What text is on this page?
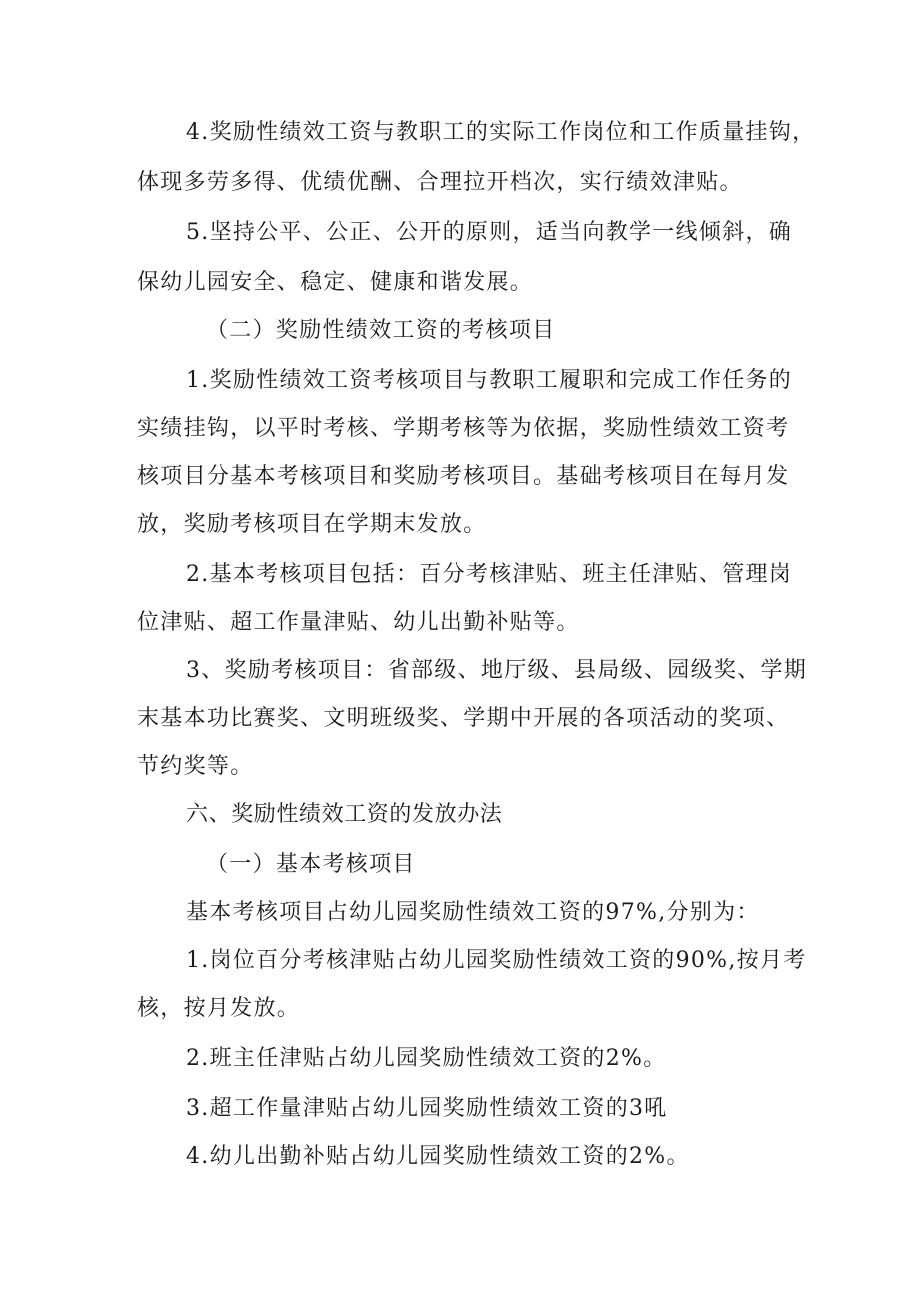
4.奖励性绩效工资与教职工的实际工作岗位和工作质量挂钩，
体现多劳多得、优绩优酬、合理拉开档次，实行绩效津贴。
5.坚持公平、公正、公开的原则，适当向教学一线倾斜，确
保幼儿园安全、稳定、健康和谐发展。
（二）奖励性绩效工资的考核项目
1.奖励性绩效工资考核项目与教职工履职和完成工作任务的
实绩挂钩，以平时考核、学期考核等为依据，奖励性绩效工资考
核项目分基本考核项目和奖励考核项目。基础考核项目在每月发
放，奖励考核项目在学期末发放。
2.基本考核项目包括：百分考核津贴、班主任津贴、管理岗
位津贴、超工作量津贴、幼儿出勤补贴等。
3、奖励考核项目：省部级、地厅级、县局级、园级奖、学期
末基本功比赛奖、文明班级奖、学期中开展的各项活动的奖项、
节约奖等。
六、奖励性绩效工资的发放办法
（一）基本考核项目
基本考核项目占幼儿园奖励性绩效工资的97%,分别为：
1.岗位百分考核津贴占幼儿园奖励性绩效工资的90%,按月考
核，按月发放。
2.班主任津贴占幼儿园奖励性绩效工资的2%。
3.超工作量津贴占幼儿园奖励性绩效工资的3吼
4.幼儿出勤补贴占幼儿园奖励性绩效工资的2%。
